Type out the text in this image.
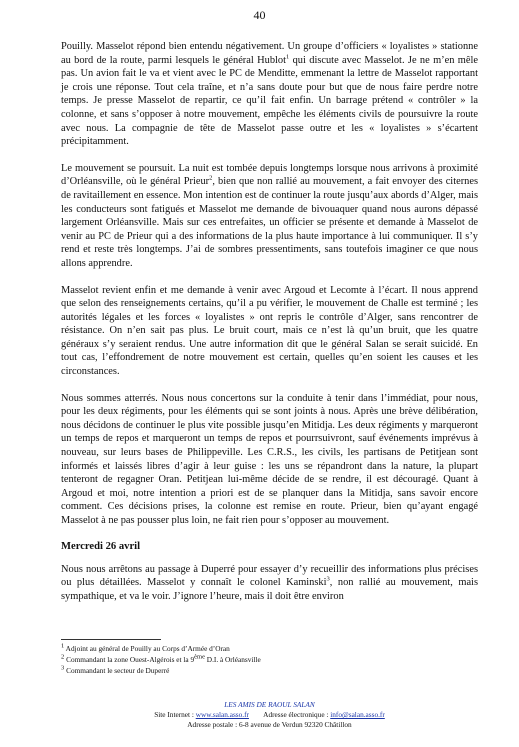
40

Pouilly. Masselot répond bien entendu négativement. Un groupe d’officiers « loyalistes » stationne au bord de la route, parmi lesquels le général Hublot$^1$ qui discute avec Masselot. Je ne m’en mêle pas. Un avion fait le va et vient avec le PC de Menditte, emmenant la lettre de Masselot rapportant je crois une réponse. Tout cela traîne, et n’a sans doute pour but que de nous faire perdre notre temps. Je presse Masselot de repartir, ce qu’il fait enfin. Un barrage prétend « contrôler » la colonne, et sans s’opposer à notre mouvement, empêche les éléments civils de poursuivre la route avec nous. La compagnie de tête de Masselot passe outre et les « loyalistes » s’écartent précipitamment.

Le mouvement se poursuit. La nuit est tombée depuis longtemps lorsque nous arrivons à proximité d’Orléansville, où le général Prieur$^2$, bien que non rallié au mouvement, a fait envoyer des citernes de ravitaillement en essence. Mon intention est de continuer la route jusqu’aux abords d’Alger, mais les conducteurs sont fatigués et Masselot me demande de bivouaquer quand nous aurons dépassé largement Orléansville. Mais sur ces entrefaites, un officier se présente et demande à Masselot de venir au PC de Prieur qui a des informations de la plus haute importance à lui communiquer. Il s’y rend et reste très longtemps. J’ai de sombres pressentiments, sans toutefois imaginer ce que nous allons apprendre.

Masselot revient enfin et me demande à venir avec Argoud et Lecomte à l’écart. Il nous apprend que selon des renseignements certains, qu’il a pu vérifier, le mouvement de Challe est terminé ; les autorités légales et les forces « loyalistes » ont repris le contrôle d’Alger, sans rencontrer de résistance. On n’en sait pas plus. Le bruit court, mais ce n’est là qu’un bruit, que les quatre généraux s’y seraient rendus. Une autre information dit que le général Salan se serait suicidé. En tout cas, l’effondrement de notre mouvement est certain, quelles qu’en soient les causes et les circonstances.

Nous sommes atterrés. Nous nous concertons sur la conduite à tenir dans l’immédiat, pour nous, pour les deux régiments, pour les éléments qui se sont joints à nous. Après une brève délibération, nous décidons de continuer le plus vite possible jusqu’en Mitidja. Les deux régiments y marqueront un temps de repos et marqueront un temps de repos et pourrsuivront, sauf événements imprévus à nouveau, sur leurs bases de Philippeville. Les C.R.S., les civils, les partisans de Petitjean sont informés et laissés libres d’agir à leur guise : les uns se répandront dans la nature, la plupart tenteront de regagner Oran. Petitjean lui-même décide de se rendre, il est découragé. Quant à Argoud et moi, notre intention a priori est de se planquer dans la Mitidja, sans savoir encore comment. Ces décisions prises, la colonne est remise en route. Prieur, bien qu’ayant engagé Masselot à ne pas pousser plus loin, ne fait rien pour s’opposer au mouvement.

Mercredi 26 avril

Nous nous arrêtons au passage à Duperré pour essayer d’y recueillir des informations plus précises ou plus détaillées. Masselot y connaît le colonel Kaminski$^3$, non rallié au mouvement, mais sympathique, et va le voir. J’ignore l’heure, mais il doit être environ

$^1$ Adjoint au général de Pouilly au Corps d’Armée d’Oran
$^2$ Commandant la zone Ouest-Algérois et la 9ème D.I. à Orléansville
$^3$ Commandant le secteur de Duperré
LES AMIS DE RAOUL SALAN
Site Internet : www.salan.asso.fr Adresse électronique : info@salan.asso.fr
Adresse postale : 6-8 avenue de Verdun 92320 Châtillon
